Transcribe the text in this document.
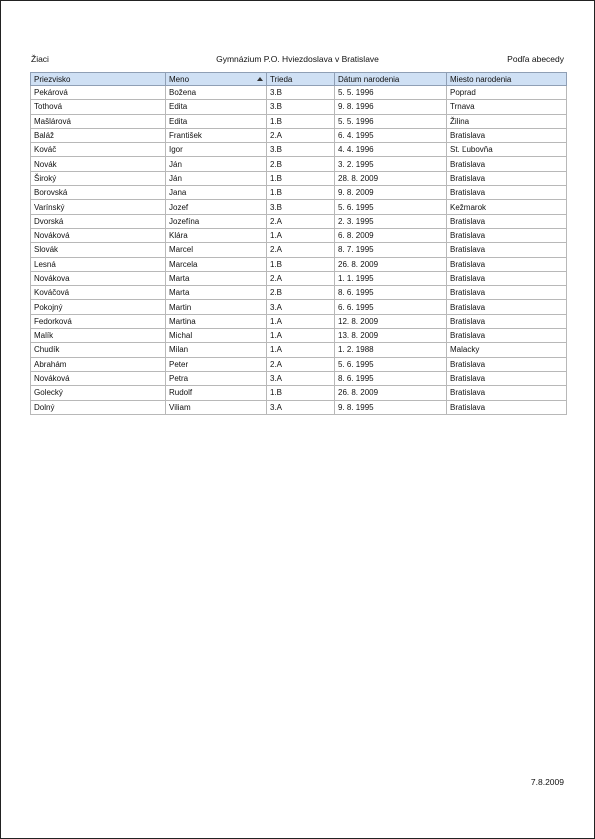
Žiaci	Gymnázium P.O. Hviezdoslava v Bratislave	Podľa abecedy
Priezvisko	Meno	Trieda	Dátum narodenia	Miesto narodenia
Pekárová	Božena	3.B	5. 5. 1996	Poprad
Tothová	Edita	3.B	9. 8. 1996	Trnava
Mašlárová	Edita	1.B	5. 5. 1996	Žilina
Baláž	František	2.A	6. 4. 1995	Bratislava
Kováč	Igor	3.B	4. 4. 1996	St. Ľubovňa
Novák	Ján	2.B	3. 2. 1995	Bratislava
Široký	Ján	1.B	28. 8. 2009	Bratislava
Borovská	Jana	1.B	9. 8. 2009	Bratislava
Varínský	Jozef	3.B	5. 6. 1995	Kežmarok
Dvorská	Jozefína	2.A	2. 3. 1995	Bratislava
Nováková	Klára	1.A	6. 8. 2009	Bratislava
Slovák	Marcel	2.A	8. 7. 1995	Bratislava
Lesná	Marcela	1.B	26. 8. 2009	Bratislava
Novákova	Marta	2.A	1. 1. 1995	Bratislava
Kováčová	Marta	2.B	8. 6. 1995	Bratislava
Pokojný	Martin	3.A	6. 6. 1995	Bratislava
Fedorková	Martina	1.A	12. 8. 2009	Bratislava
Malík	Michal	1.A	13. 8. 2009	Bratislava
Chudík	Milan	1.A	1. 2. 1988	Malacky
Abrahám	Peter	2.A	5. 6. 1995	Bratislava
Nováková	Petra	3.A	8. 6. 1995	Bratislava
Golecký	Rudolf	1.B	26. 8. 2009	Bratislava
Dolný	Viliam	3.A	9. 8. 1995	Bratislava
7.8.2009
